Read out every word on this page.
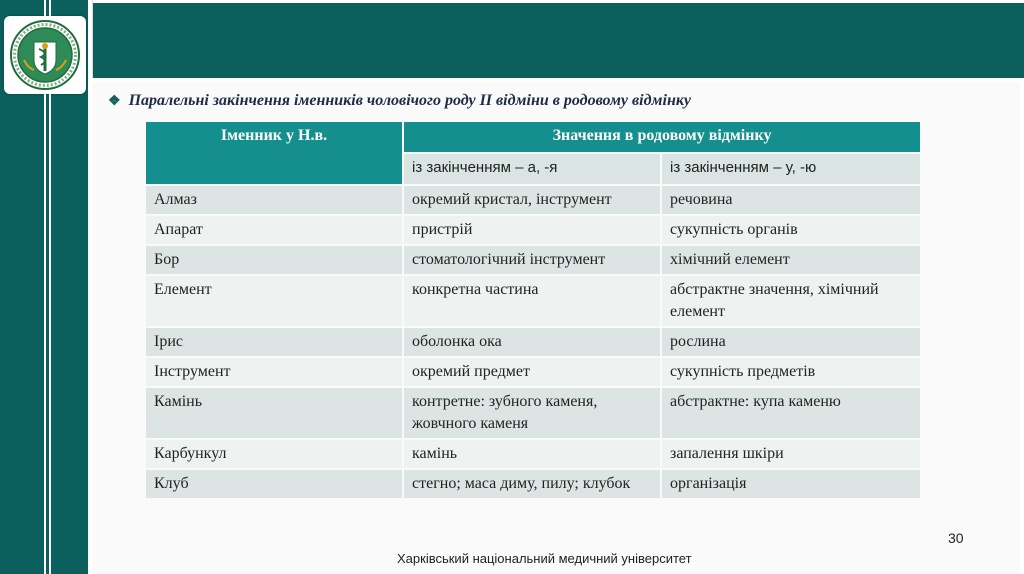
❖ Паралельні закінчення іменників чоловічого роду ІІ відміни в родовому відмінку
Іменник у Н.в.	Значення в родовому відмінку	
	із закінченням – а, -я	із закінченням – у, -ю
Алмаз	окремий кристал, інструмент	речовина
Апарат	пристрій	сукупність органів
Бор	стоматологічний інструмент	хімічний елемент
Елемент	конкретна частина	абстрактне значення, хімічний елемент
Ірис	оболонка ока	рослина
Інструмент	окремий предмет	сукупність предметів
Камінь	контретне: зубного каменя, жовчного каменя	абстрактне: купа каменю
Карбункул	камінь	запалення шкіри
Клуб	стегно; маса диму, пилу; клубок	організація
30
Харківський національний медичний університет
